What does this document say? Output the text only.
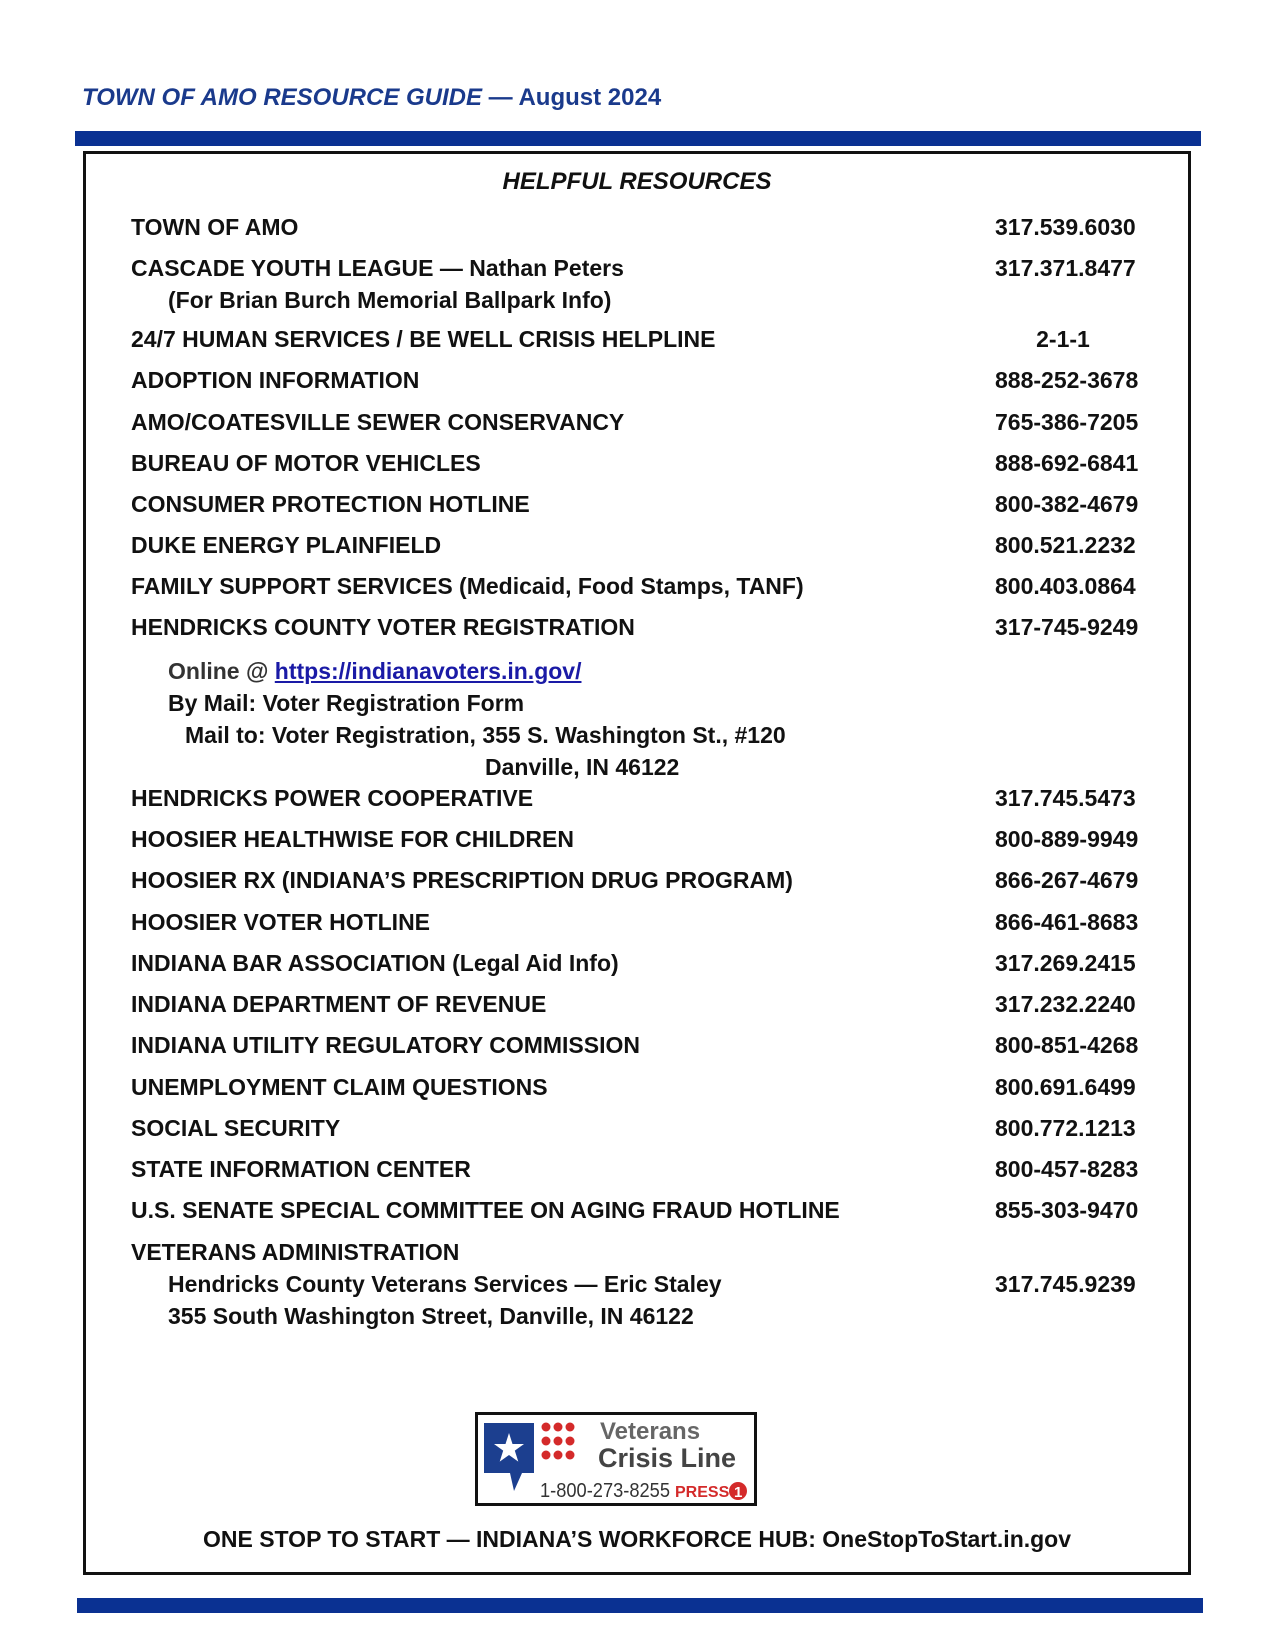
TOWN OF AMO RESOURCE GUIDE — August 2024
HELPFUL RESOURCES
TOWN OF AMO	317.539.6030
CASCADE YOUTH LEAGUE — Nathan Peters	317.371.8477
(For Brian Burch Memorial Ballpark Info)
24/7 HUMAN SERVICES / BE WELL CRISIS HELPLINE	2-1-1
ADOPTION INFORMATION	888-252-3678
AMO/COATESVILLE SEWER CONSERVANCY	765-386-7205
BUREAU OF MOTOR VEHICLES	888-692-6841
CONSUMER PROTECTION HOTLINE	800-382-4679
DUKE ENERGY PLAINFIELD	800.521.2232
FAMILY SUPPORT SERVICES (Medicaid, Food Stamps, TANF)	800.403.0864
HENDRICKS COUNTY VOTER REGISTRATION	317-745-9249
Online @ https://indianavoters.in.gov/
By Mail: Voter Registration Form
Mail to: Voter Registration, 355 S. Washington St., #120
Danville, IN 46122
HENDRICKS POWER COOPERATIVE	317.745.5473
HOOSIER HEALTHWISE FOR CHILDREN	800-889-9949
HOOSIER RX (INDIANA’S PRESCRIPTION DRUG PROGRAM)	866-267-4679
HOOSIER VOTER HOTLINE	866-461-8683
INDIANA BAR ASSOCIATION (Legal Aid Info)	317.269.2415
INDIANA DEPARTMENT OF REVENUE	317.232.2240
INDIANA UTILITY REGULATORY COMMISSION	800-851-4268
UNEMPLOYMENT CLAIM QUESTIONS	800.691.6499
SOCIAL SECURITY	800.772.1213
STATE INFORMATION CENTER	800-457-8283
U.S. SENATE SPECIAL COMMITTEE ON AGING FRAUD HOTLINE	855-303-9470
VETERANS ADMINISTRATION
Hendricks County Veterans Services — Eric Staley	317.745.9239
355 South Washington Street, Danville, IN 46122
Veterans
Crisis Line
1-800-273-8255 PRESS 1
ONE STOP TO START — INDIANA’S WORKFORCE HUB: OneStopToStart.in.gov
